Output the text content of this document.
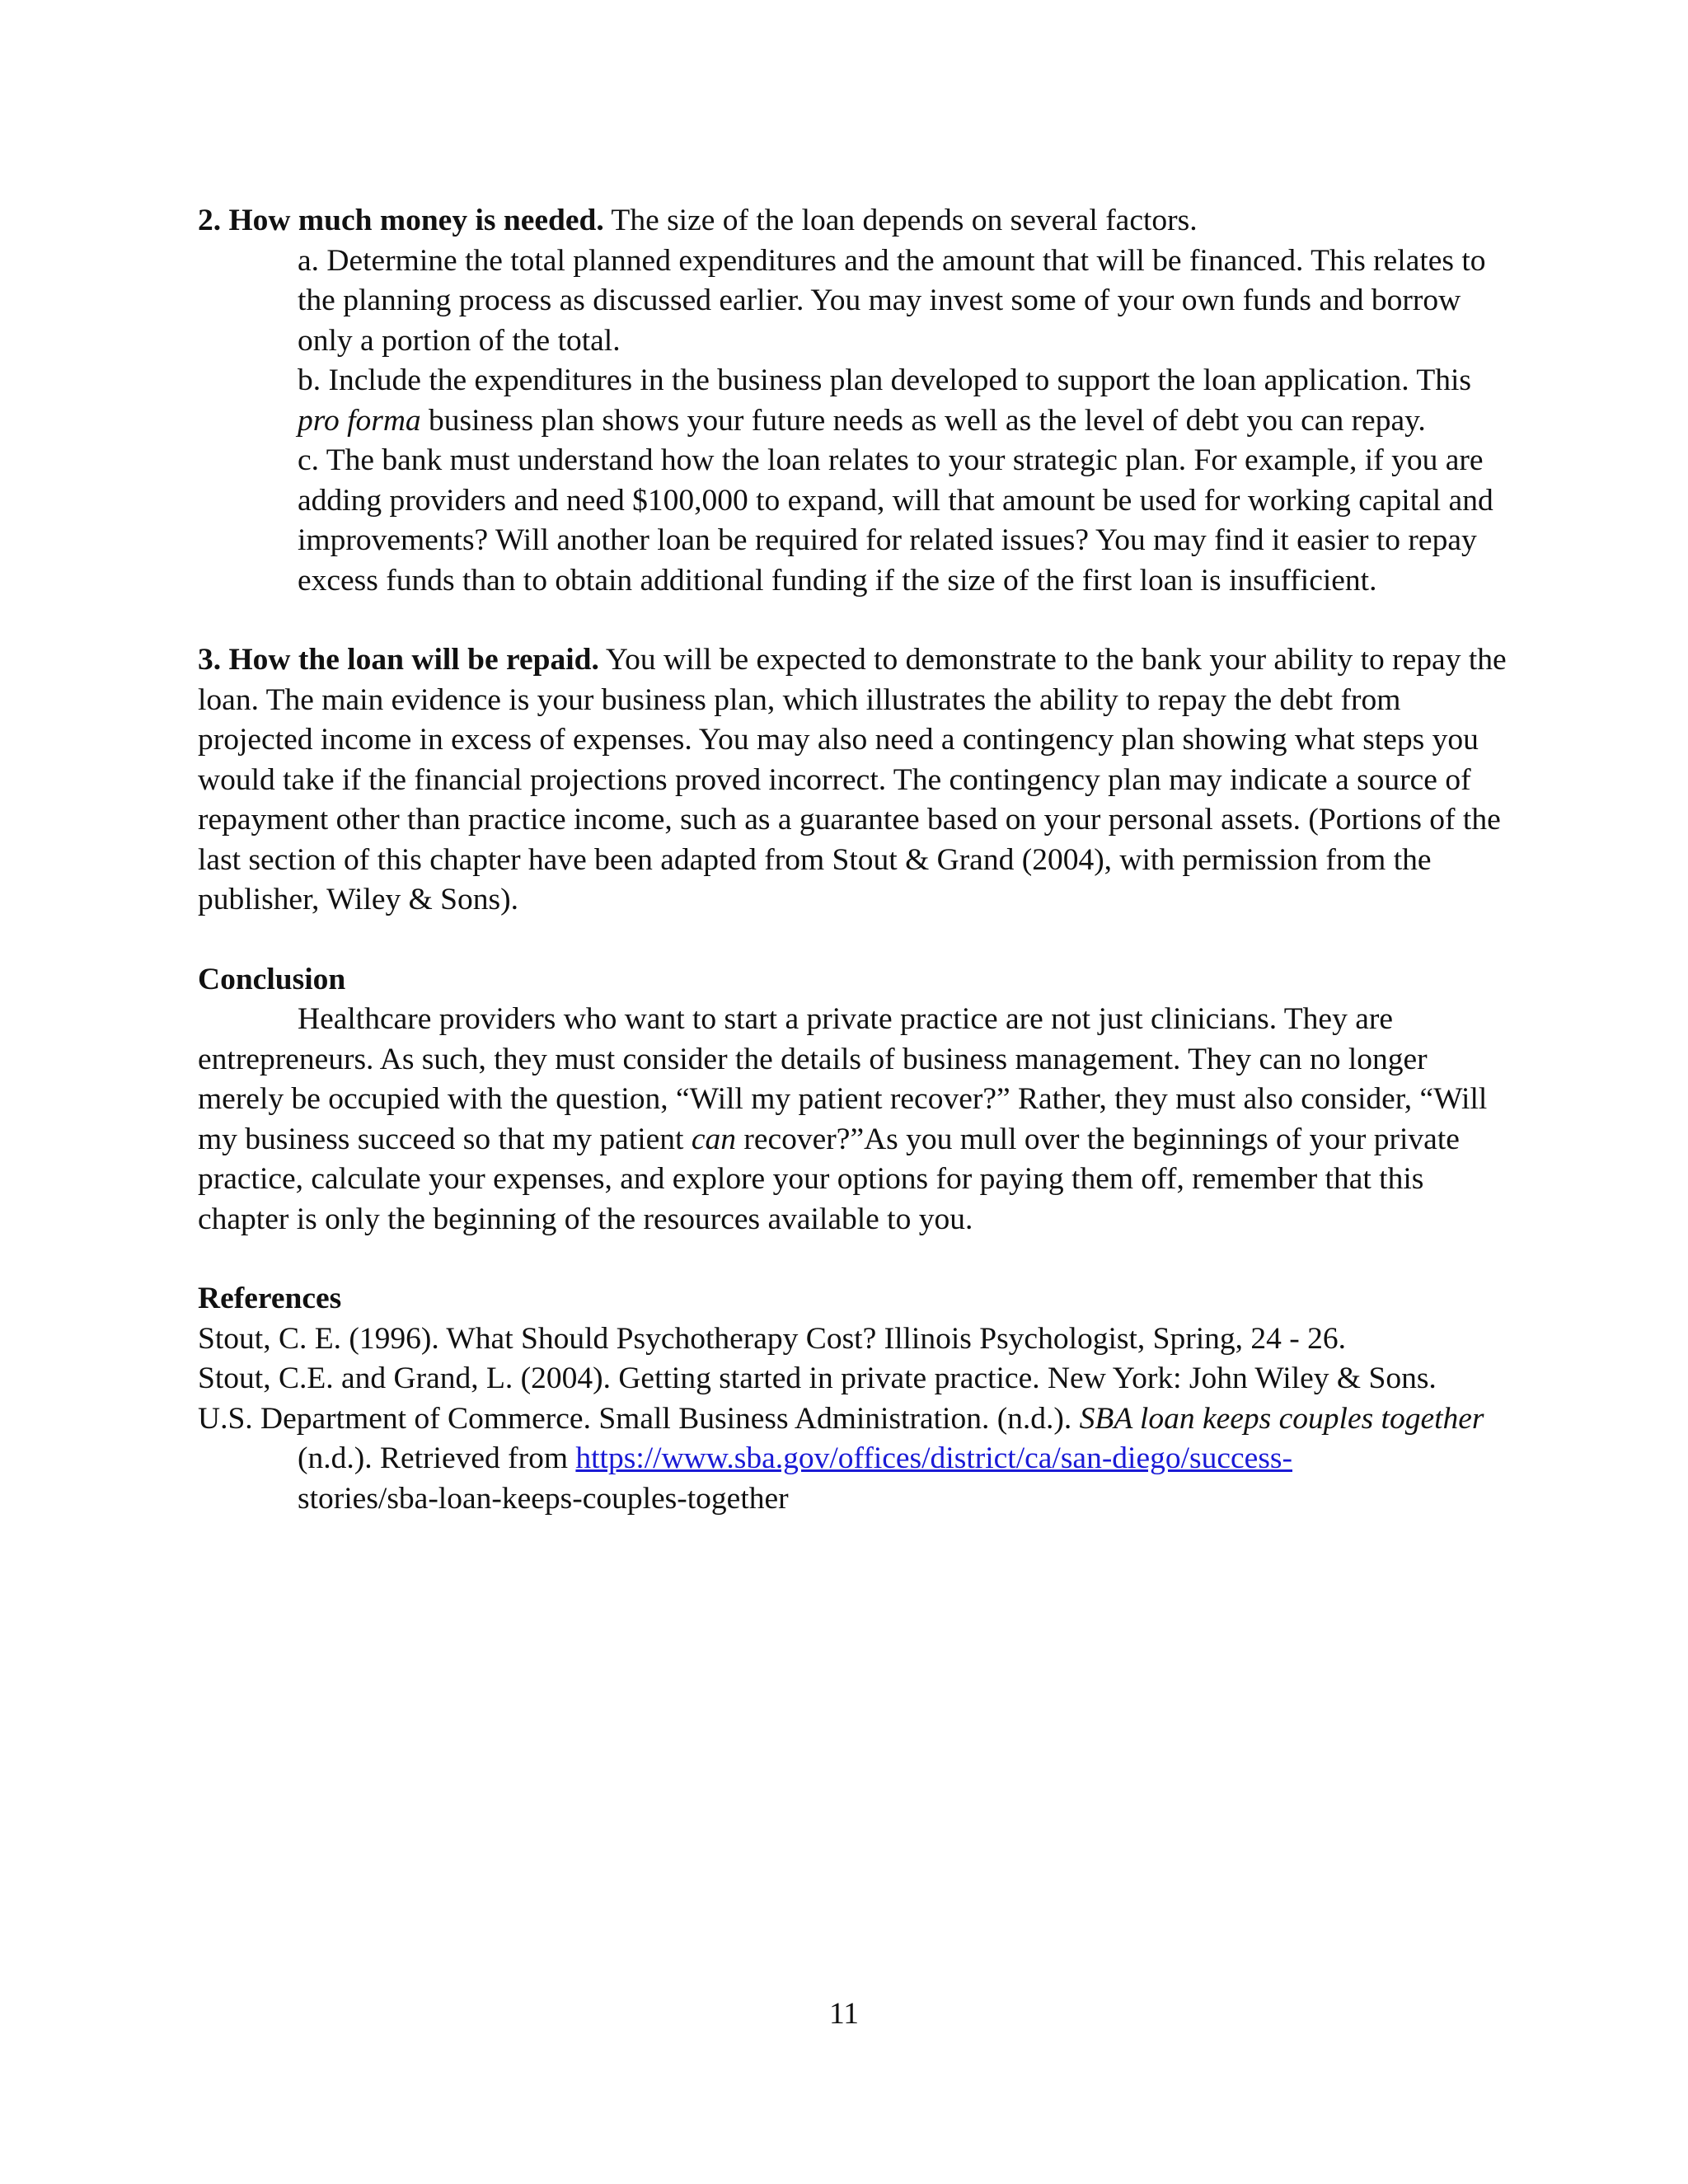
2. How much money is needed. The size of the loan depends on several factors.

a. Determine the total planned expenditures and the amount that will be financed. This relates to the planning process as discussed earlier. You may invest some of your own funds and borrow only a portion of the total.

b. Include the expenditures in the business plan developed to support the loan application. This pro forma business plan shows your future needs as well as the level of debt you can repay.

c. The bank must understand how the loan relates to your strategic plan. For example, if you are adding providers and need $100,000 to expand, will that amount be used for working capital and improvements? Will another loan be required for related issues? You may find it easier to repay excess funds than to obtain additional funding if the size of the first loan is insufficient.

3. How the loan will be repaid. You will be expected to demonstrate to the bank your ability to repay the loan. The main evidence is your business plan, which illustrates the ability to repay the debt from projected income in excess of expenses. You may also need a contingency plan showing what steps you would take if the financial projections proved incorrect. The contingency plan may indicate a source of repayment other than practice income, such as a guarantee based on your personal assets. (Portions of the last section of this chapter have been adapted from Stout & Grand (2004), with permission from the publisher, Wiley & Sons).

Conclusion

Healthcare providers who want to start a private practice are not just clinicians. They are entrepreneurs. As such, they must consider the details of business management. They can no longer merely be occupied with the question, “Will my patient recover?” Rather, they must also consider, “Will my business succeed so that my patient can recover?”As you mull over the beginnings of your private practice, calculate your expenses, and explore your options for paying them off, remember that this chapter is only the beginning of the resources available to you.

References

Stout, C. E. (1996). What Should Psychotherapy Cost? Illinois Psychologist, Spring, 24 - 26.

Stout, C.E. and Grand, L. (2004). Getting started in private practice. New York: John Wiley & Sons.

U.S. Department of Commerce. Small Business Administration. (n.d.). SBA loan keeps couples together (n.d.). Retrieved from https://www.sba.gov/offices/district/ca/san-diego/success-
stories/sba-loan-keeps-couples-together

11
